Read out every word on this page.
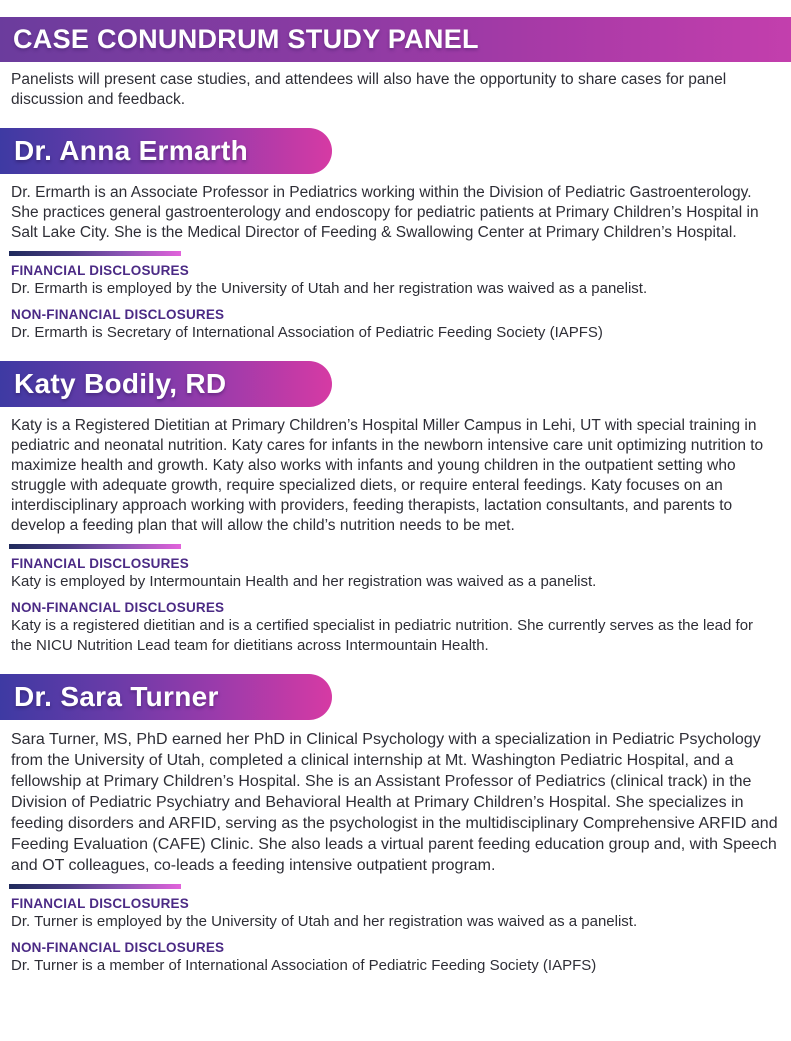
CASE CONUNDRUM STUDY PANEL
Panelists will present case studies, and attendees will also have the opportunity to share cases for panel discussion and feedback.
Dr. Anna Ermarth
Dr. Ermarth is an Associate Professor in Pediatrics working within the Division of Pediatric Gastroenterology. She practices general gastroenterology and endoscopy for pediatric patients at Primary Children’s Hospital in Salt Lake City. She is the Medical Director of Feeding & Swallowing Center at Primary Children’s Hospital.
FINANCIAL DISCLOSURES
Dr. Ermarth is employed by the University of Utah and her registration was waived as a panelist.
NON-FINANCIAL DISCLOSURES
Dr. Ermarth is Secretary of International Association of Pediatric Feeding Society (IAPFS)
Katy Bodily, RD
Katy is a Registered Dietitian at Primary Children’s Hospital Miller Campus in Lehi, UT with special training in pediatric and neonatal nutrition. Katy cares for infants in the newborn intensive care unit optimizing nutrition to maximize health and growth. Katy also works with infants and young children in the outpatient setting who struggle with adequate growth, require specialized diets, or require enteral feedings. Katy focuses on an interdisciplinary approach working with providers, feeding therapists, lactation consultants, and parents to develop a feeding plan that will allow the child’s nutrition needs to be met.
FINANCIAL DISCLOSURES
Katy is employed by Intermountain Health and her registration was waived as a panelist.
NON-FINANCIAL DISCLOSURES
Katy is a registered dietitian and is a certified specialist in pediatric nutrition. She currently serves as the lead for the NICU Nutrition Lead team for dietitians across Intermountain Health.
Dr. Sara Turner
Sara Turner, MS, PhD earned her PhD in Clinical Psychology with a specialization in Pediatric Psychology from the University of Utah, completed a clinical internship at Mt. Washington Pediatric Hospital, and a fellowship at Primary Children’s Hospital. She is an Assistant Professor of Pediatrics (clinical track) in the Division of Pediatric Psychiatry and Behavioral Health at Primary Children’s Hospital. She specializes in feeding disorders and ARFID, serving as the psychologist in the multidisciplinary Comprehensive ARFID and Feeding Evaluation (CAFE) Clinic. She also leads a virtual parent feeding education group and, with Speech and OT colleagues, co-leads a feeding intensive outpatient program.
FINANCIAL DISCLOSURES
Dr. Turner is employed by the University of Utah and her registration was waived as a panelist.
NON-FINANCIAL DISCLOSURES
Dr. Turner is a member of International Association of Pediatric Feeding Society (IAPFS)
